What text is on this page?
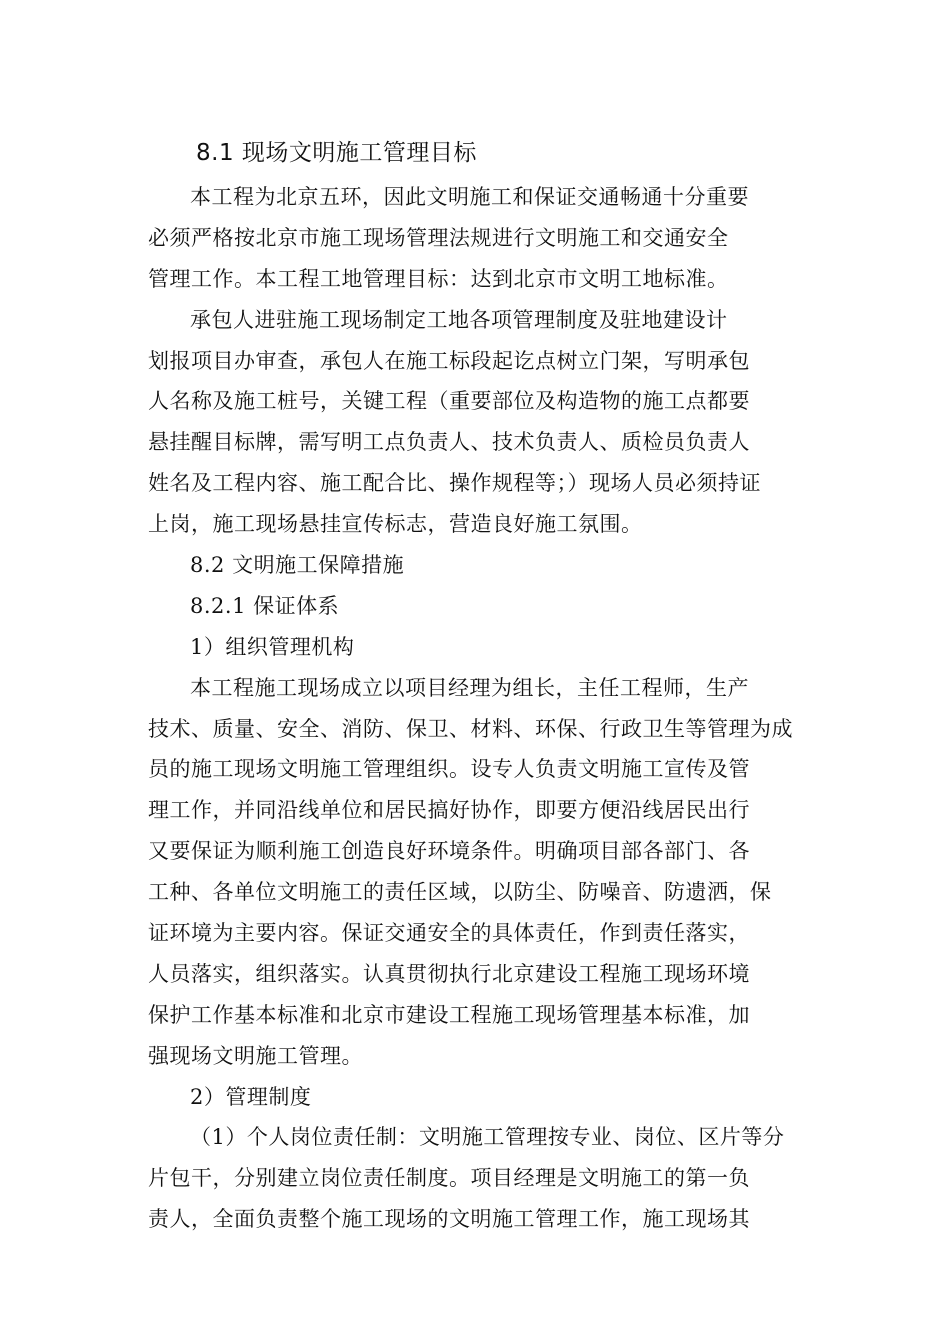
8.1 现场文明施工管理目标
本工程为北京五环，因此文明施工和保证交通畅通十分重要
必须严格按北京市施工现场管理法规进行文明施工和交通安全
管理工作。本工程工地管理目标：达到北京市文明工地标准。
承包人进驻施工现场制定工地各项管理制度及驻地建设计
划报项目办审查，承包人在施工标段起讫点树立门架，写明承包
人名称及施工桩号，关键工程（重要部位及构造物的施工点都要
悬挂醒目标牌，需写明工点负责人、技术负责人、质检员负责人
姓名及工程内容、施工配合比、操作规程等；）现场人员必须持证
上岗，施工现场悬挂宣传标志，营造良好施工氛围。
8.2 文明施工保障措施
8.2.1 保证体系
1）组织管理机构
本工程施工现场成立以项目经理为组长，主任工程师，生产
技术、质量、安全、消防、保卫、材料、环保、行政卫生等管理为成
员的施工现场文明施工管理组织。设专人负责文明施工宣传及管
理工作，并同沿线单位和居民搞好协作，即要方便沿线居民出行
又要保证为顺利施工创造良好环境条件。明确项目部各部门、各
工种、各单位文明施工的责任区域，以防尘、防噪音、防遗洒，保
证环境为主要内容。保证交通安全的具体责任，作到责任落实，
人员落实，组织落实。认真贯彻执行北京建设工程施工现场环境
保护工作基本标准和北京市建设工程施工现场管理基本标准，加
强现场文明施工管理。
2）管理制度
（1）个人岗位责任制：文明施工管理按专业、岗位、区片等分
片包干，分别建立岗位责任制度。项目经理是文明施工的第一负
责人，全面负责整个施工现场的文明施工管理工作，施工现场其
